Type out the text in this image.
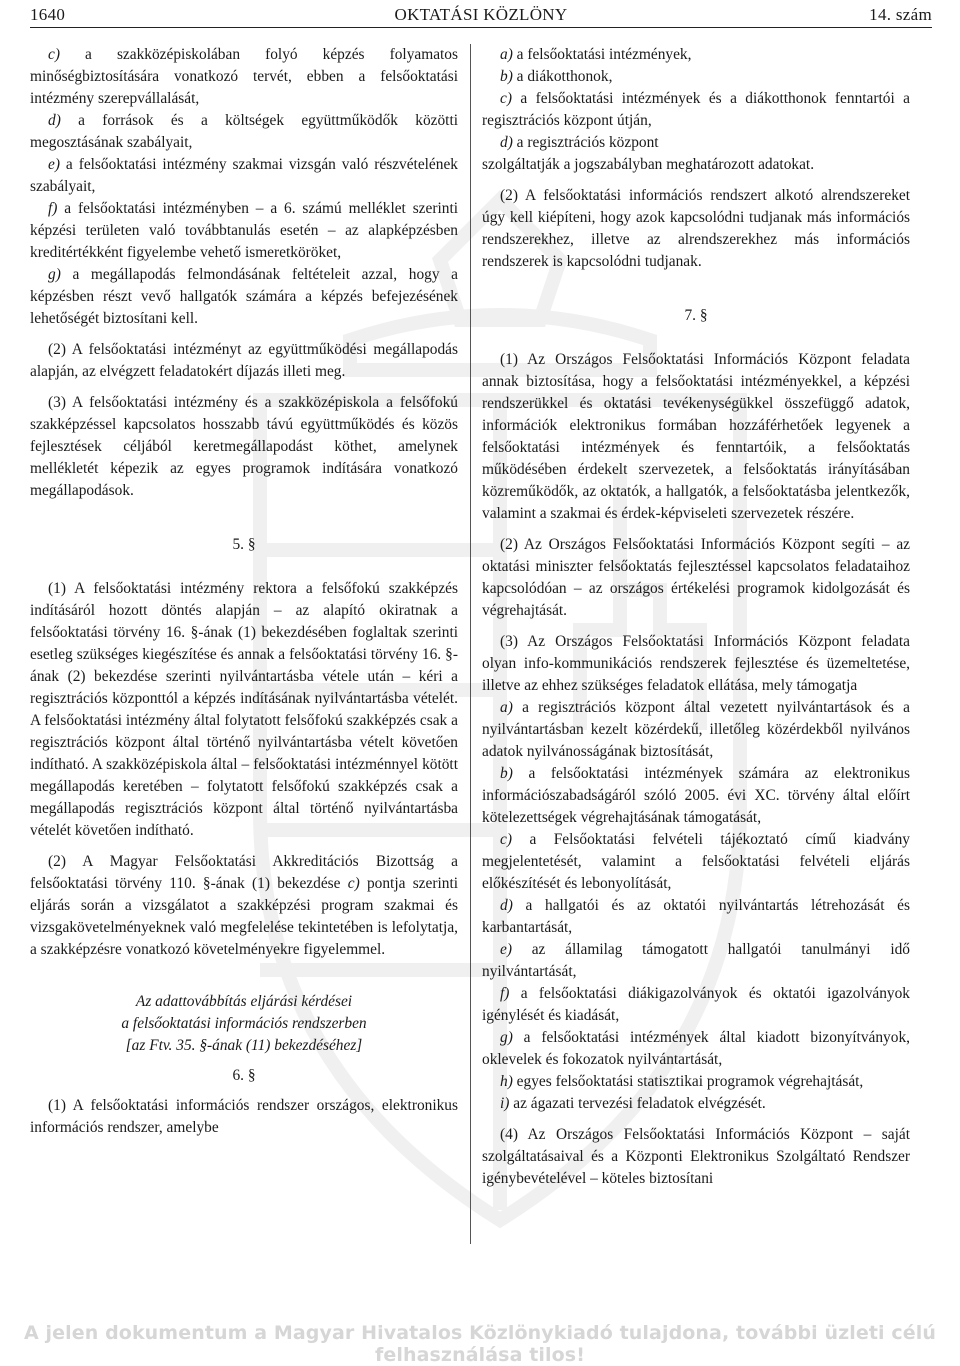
1640	OKTATÁSI KÖZLÖNY	14. szám

c) a szakközépiskolában folyó képzés folyamatos minőségbiztosítására vonatkozó tervét, ebben a felsőoktatási intézmény szerepvállalását,

d) a források és a költségek együttműködők közötti megosztásának szabályait,

e) a felsőoktatási intézmény szakmai vizsgán való részvételének szabályait,

f) a felsőoktatási intézményben – a 6. számú melléklet szerinti képzési területen való továbbtanulás esetén – az alapképzésben kreditértékként figyelembe vehető ismeretköröket,

g) a megállapodás felmondásának feltételeit azzal, hogy a képzésben részt vevő hallgatók számára a képzés befejezésének lehetőségét biztosítani kell.

(2) A felsőoktatási intézményt az együttműködési megállapodás alapján, az elvégzett feladatokért díjazás illeti meg.

(3) A felsőoktatási intézmény és a szakközépiskola a felsőfokú szakképzéssel kapcsolatos hosszabb távú együttműködés és közös fejlesztések céljából keretmegállapodást köthet, amelynek mellékletét képezik az egyes programok indítására vonatkozó megállapodások.

5. §

(1) A felsőoktatási intézmény rektora a felsőfokú szakképzés indításáról hozott döntés alapján – az alapító okiratnak a felsőoktatási törvény 16. §-ának (1) bekezdésében foglaltak szerinti esetleg szükséges kiegészítése és annak a felsőoktatási törvény 16. §-ának (2) bekezdése szerinti nyilvántartásba vétele után – kéri a regisztrációs központtól a képzés indításának nyilvántartásba vételét. A felsőoktatási intézmény által folytatott felsőfokú szakképzés csak a regisztrációs központ által történő nyilvántartásba vételt követően indítható. A szakközépiskola által – felsőoktatási intézménnyel kötött megállapodás keretében – folytatott felsőfokú szakképzés csak a megállapodás regisztrációs központ által történő nyilvántartásba vételét követően indítható.

(2) A Magyar Felsőoktatási Akkreditációs Bizottság a felsőoktatási törvény 110. §-ának (1) bekezdése c) pontja szerinti eljárás során a vizsgálatot a szakképzési program szakmai és vizsgakövetelményeknek való megfelelése tekintetében is lefolytatja, a szakképzésre vonatkozó követelményekre figyelemmel.

Az adattovábbítás eljárási kérdései
a felsőoktatási információs rendszerben
[az Ftv. 35. §-ának (11) bekezdéséhez]

6. §

(1) A felsőoktatási információs rendszer országos, elektronikus információs rendszer, amelybe

a) a felsőoktatási intézmények,

b) a diákotthonok,

c) a felsőoktatási intézmények és a diákotthonok fenntartói a regisztrációs központ útján,

d) a regisztrációs központ

szolgáltatják a jogszabályban meghatározott adatokat.

(2) A felsőoktatási információs rendszert alkotó alrendszereket úgy kell kiépíteni, hogy azok kapcsolódni tudjanak más információs rendszerekhez, illetve az alrendszerekhez más információs rendszerek is kapcsolódni tudjanak.

7. §

(1) Az Országos Felsőoktatási Információs Központ feladata annak biztosítása, hogy a felsőoktatási intézményekkel, a képzési rendszerükkel és oktatási tevékenységükkel összefüggő adatok, információk elektronikus formában hozzáférhetőek legyenek a felsőoktatási intézmények és fenntartóik, a felsőoktatás működésében érdekelt szervezetek, a felsőoktatás irányításában közreműködők, az oktatók, a hallgatók, a felsőoktatásba jelentkezők, valamint a szakmai és érdek-képviseleti szervezetek részére.

(2) Az Országos Felsőoktatási Információs Központ segíti – az oktatási miniszter felsőoktatás fejlesztéssel kapcsolatos feladataihoz kapcsolódóan – az országos értékelési programok kidolgozását és végrehajtását.

(3) Az Országos Felsőoktatási Információs Központ feladata olyan info-kommunikációs rendszerek fejlesztése és üzemeltetése, illetve az ehhez szükséges feladatok ellátása, mely támogatja

a) a regisztrációs központ által vezetett nyilvántartások és a nyilvántartásban kezelt közérdekű, illetőleg közérdekből nyilvános adatok nyilvánosságának biztosítását,

b) a felsőoktatási intézmények számára az elektronikus információszabadságáról szóló 2005. évi XC. törvény által előírt kötelezettségek végrehajtásának támogatását,

c) a Felsőoktatási felvételi tájékoztató című kiadvány megjelentetését, valamint a felsőoktatási felvételi eljárás előkészítését és lebonyolítását,

d) a hallgatói és az oktatói nyilvántartás létrehozását és karbantartását,

e) az államilag támogatott hallgatói tanulmányi idő nyilvántartását,

f) a felsőoktatási diákigazolványok és oktatói igazolványok igénylését és kiadását,

g) a felsőoktatási intézmények által kiadott bizonyítványok, oklevelek és fokozatok nyilvántartását,

h) egyes felsőoktatási statisztikai programok végrehajtását,

i) az ágazati tervezési feladatok elvégzését.

(4) Az Országos Felsőoktatási Információs Központ – saját szolgáltatásaival és a Központi Elektronikus Szolgáltató Rendszer igénybevételével – köteles biztosítani

A jelen dokumentum a Magyar Hivatalos Közlönykiadó tulajdona, további üzleti célú felhasználása tilos!
